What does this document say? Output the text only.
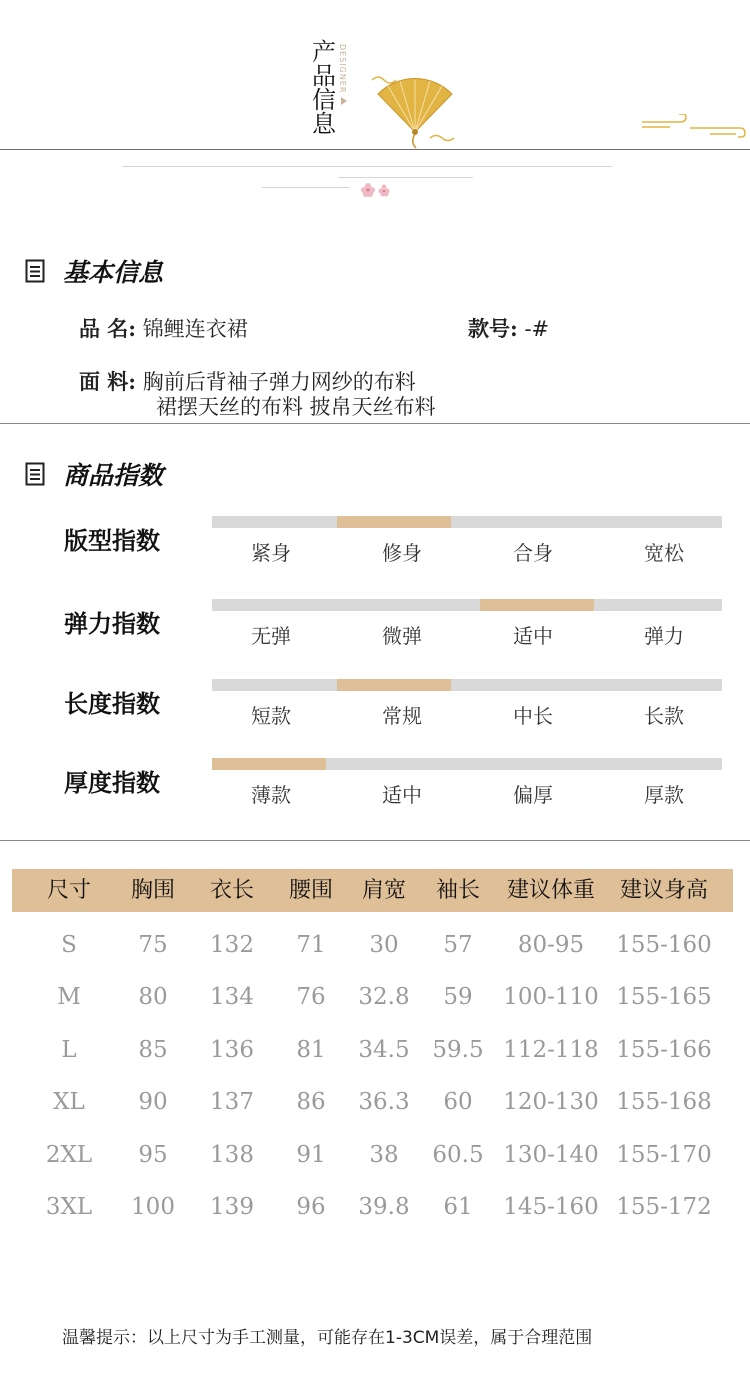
产
品
信
息
DESIGNER
基本信息
品 名: 锦鲤连衣裙	款号: -#
面 料: 胸前后背袖子弹力网纱的布料
裙摆天丝的布料 披帛天丝布料
商品指数
版型指数	紧身	修身	合身	宽松
弹力指数	无弹	微弹	适中	弹力
长度指数	短款	常规	中长	长款
厚度指数	薄款	适中	偏厚	厚款
尺寸	胸围	衣长	腰围	肩宽	袖长	建议体重	建议身高
S	75	132	71	30	57	80-95	155-160
M	80	134	76	32.8	59	100-110 155-165
L	85	136	81	34.5 59.5 112-118 155-166
XL	90	137	86	36.3	60	120-130 155-168
2XL	95	138	91	38	60.5 130-140 155-170
3XL	100	139	96	39.8	61	145-160 155-172
温馨提示：以上尺寸为手工测量，可能存在1-3CM误差，属于合理范围
